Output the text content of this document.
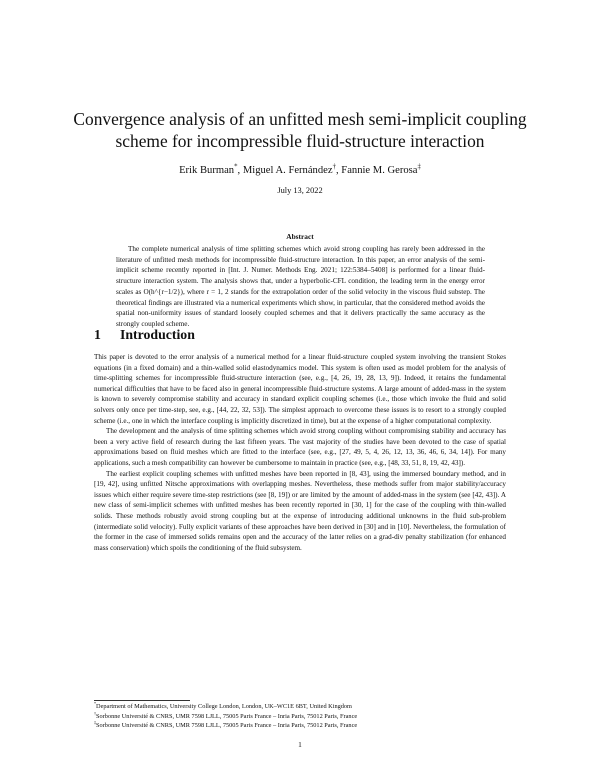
Convergence analysis of an unfitted mesh semi-implicit coupling scheme for incompressible fluid-structure interaction
Erik Burman*, Miguel A. Fernández†, Fannie M. Gerosa‡
July 13, 2022
Abstract

The complete numerical analysis of time splitting schemes which avoid strong coupling has rarely been addressed in the literature of unfitted mesh methods for incompressible fluid-structure interaction. In this paper, an error analysis of the semi-implicit scheme recently reported in [Int. J. Numer. Methods Eng. 2021; 122:5384–5408] is performed for a linear fluid-structure interaction system. The analysis shows that, under a hyperbolic-CFL condition, the leading term in the energy error scales as O(h^{r−1/2}), where r = 1, 2 stands for the extrapolation order of the solid velocity in the viscous fluid substep. The theoretical findings are illustrated via a numerical experiments which show, in particular, that the considered method avoids the spatial non-uniformity issues of standard loosely coupled schemes and that it delivers practically the same accuracy as the strongly coupled scheme.

1 Introduction

This paper is devoted to the error analysis of a numerical method for a linear fluid-structure coupled system involving the transient Stokes equations (in a fixed domain) and a thin-walled solid elastodynamics model. This system is often used as model problem for the analysis of time-splitting schemes for incompressible fluid-structure interaction (see, e.g., [4, 26, 19, 28, 13, 9]). Indeed, it retains the fundamental numerical difficulties that have to be faced also in general incompressible fluid-structure systems. A large amount of added-mass in the system is known to severely compromise stability and accuracy in standard explicit coupling schemes (i.e., those which invoke the fluid and solid solvers only once per time-step, see, e.g., [44, 22, 32, 53]). The simplest approach to overcome these issues is to resort to a strongly coupled scheme (i.e., one in which the interface coupling is implicitly discretized in time), but at the expense of a higher computational complexity.

The development and the analysis of time splitting schemes which avoid strong coupling without compromising stability and accuracy has been a very active field of research during the last fifteen years. The vast majority of the studies have been devoted to the case of spatial approximations based on fluid meshes which are fitted to the interface (see, e.g., [27, 49, 5, 4, 26, 12, 13, 36, 46, 6, 34, 14]). For many applications, such a mesh compatibility can however be cumbersome to maintain in practice (see, e.g., [48, 33, 51, 8, 19, 42, 43]).

The earliest explicit coupling schemes with unfitted meshes have been reported in [8, 43], using the immersed boundary method, and in [19, 42], using unfitted Nitsche approximations with overlapping meshes. Nevertheless, these methods suffer from major stability/accuracy issues which either require severe time-step restrictions (see [8, 19]) or are limited by the amount of added-mass in the system (see [42, 43]). A new class of semi-implicit schemes with unfitted meshes has been recently reported in [30, 1] for the case of the coupling with thin-walled solids. These methods robustly avoid strong coupling but at the expense of introducing additional unknowns in the fluid sub-problem (intermediate solid velocity). Fully explicit variants of these approaches have been derived in [30] and in [10]. Nevertheless, the formulation of the former in the case of immersed solids remains open and the accuracy of the latter relies on a grad-div penalty stabilization (for enhanced mass conservation) which spoils the conditioning of the fluid subsystem.

*Department of Mathematics, University College London, London, UK–WC1E 6BT, United Kingdom
†Sorbonne Université & CNRS, UMR 7598 LJLL, 75005 Paris France – Inria Paris, 75012 Paris, France
‡Sorbonne Université & CNRS, UMR 7598 LJLL, 75005 Paris France – Inria Paris, 75012 Paris, France
1
